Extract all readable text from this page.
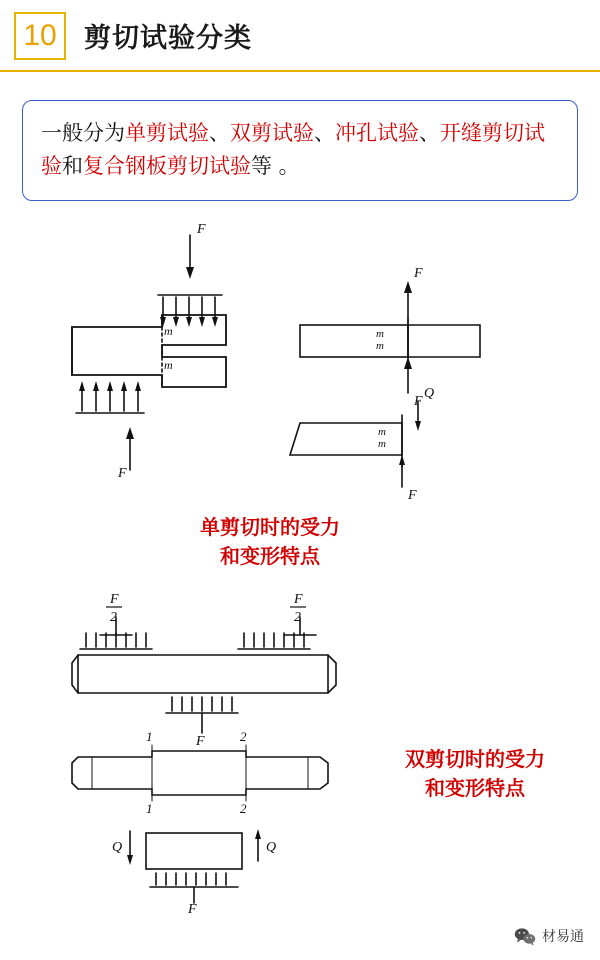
10 剪切试验分类
一般分为单剪试验、双剪试验、冲孔试验、开缝剪切试验和复合钢板剪切试验等 。
F
F
m
m
F
F
Q
F
m
m
m
m
单剪切时的受力
和变形特点
F
2
F
2
F
1	2
1	2
Q	Q
F
双剪切时的受力
和变形特点
材易通
